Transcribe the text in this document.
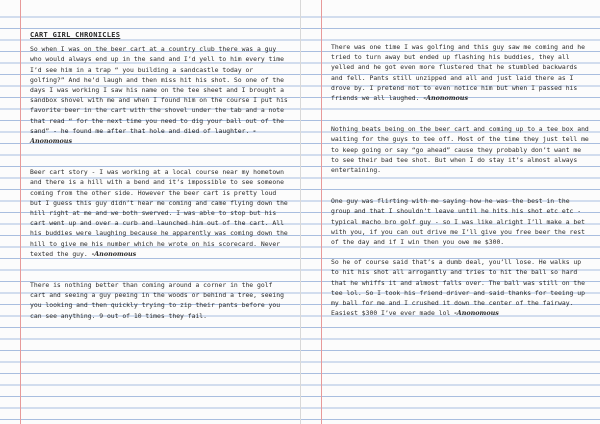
CART GIRL CHRONICLES

So when I was on the beer cart at a country club there was a guy who would always end up in the sand and I’d yell to him every time I’d see him in a trap “ you building a sandcastle today or golfing?” And he’d laugh and then miss hit his shot. So one of the days I was working I saw his name on the tee sheet and I brought a sandbox shovel with me and when I found him on the course I put his favorite beer in the cart with the shovel under the tab and a note that read “ for the next time you need to dig your ball out of the sand” - he found me after that hole and died of laughter. -Anonomous

Beer cart story - I was working at a local course near my hometown and there is a hill with a bend and it’s impossible to see someone coming from the other side. However the beer cart is pretty loud but I guess this guy didn’t hear me coming and came flying down the hill right at me and we both swerved. I was able to stop but his cart went up and over a curb and launched him out of the cart. All his buddies were laughing because he apparently was coming down the hill to give me his number which he wrote on his scorecard. Never texted the guy. -Anonomous

There is nothing better than coming around a corner in the golf cart and seeing a guy peeing in the woods or behind a tree, seeing you looking and then quickly trying to zip their pants before you can see anything. 9 out of 10 times they fail.

There was one time I was golfing and this guy saw me coming and he tried to turn away but ended up flashing his buddies, they all yelled and he got even more flustered that he stumbled backwards and fell. Pants still unzipped and all and just laid there as I drove by. I pretend not to even notice him but when I passed his friends we all laughed. -Anonomous

Nothing beats being on the beer cart and coming up to a tee box and waiting for the guys to tee off. Most of the time they just tell me to keep going or say “go ahead” cause they probably don’t want me to see their bad tee shot. But when I do stay it’s almost always entertaining.

One guy was flirting with me saying how he was the best in the group and that I shouldn’t leave until he hits his shot etc etc - typical macho bro golf guy - so I was like alright I’ll make a bet with you, if you can out drive me I’ll give you free beer the rest of the day and if I win then you owe me $300.

So he of course said that’s a dumb deal, you’ll lose. He walks up to hit his shot all arrogantly and tries to hit the ball so hard that he whiffs it and almost falls over. The ball was still on the tee lol. So I took his friend driver and said thanks for teeing up my ball for me and I crushed it down the center of the fairway. Easiest $300 I’ve ever made lol -Anonomous
